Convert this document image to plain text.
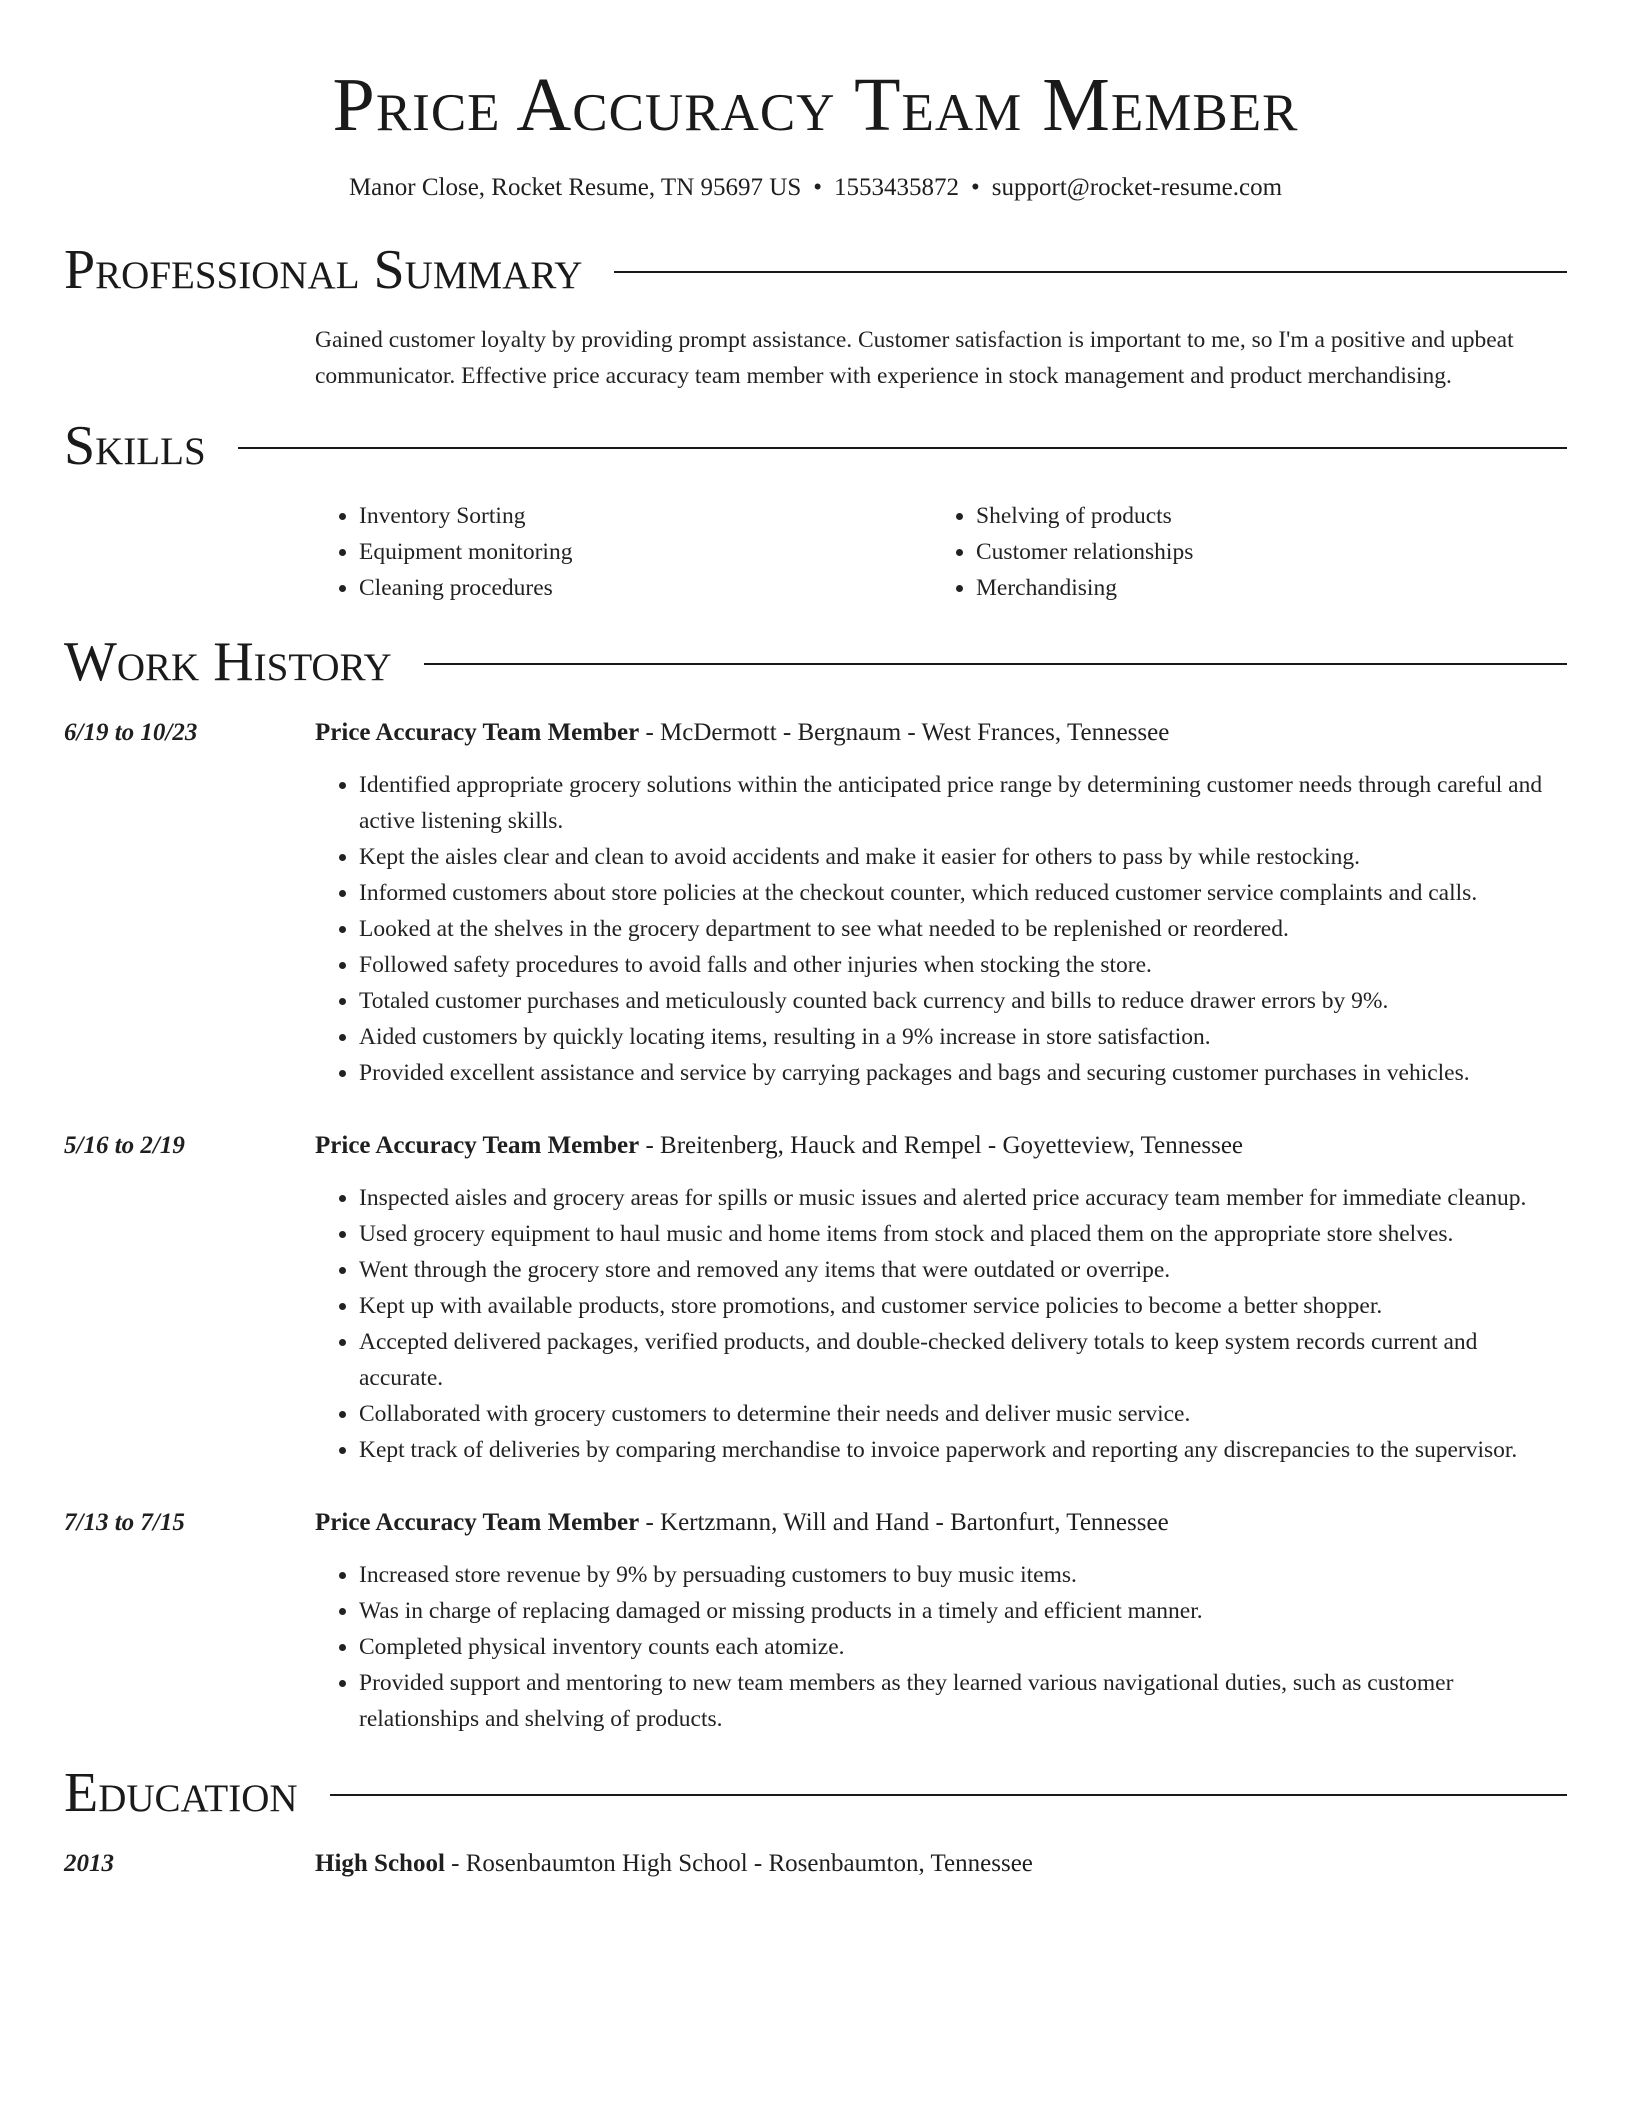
Price Accuracy Team Member
Manor Close, Rocket Resume, TN 95697 US • 1553435872 • support@rocket-resume.com
Professional Summary
Gained customer loyalty by providing prompt assistance. Customer satisfaction is important to me, so I'm a positive and upbeat communicator. Effective price accuracy team member with experience in stock management and product merchandising.
Skills
• Inventory Sorting
• Equipment monitoring
• Cleaning procedures
• Shelving of products
• Customer relationships
• Merchandising
Work History
6/19 to 10/23	Price Accuracy Team Member - McDermott - Bergnaum - West Frances, Tennessee
• Identified appropriate grocery solutions within the anticipated price range by determining customer needs through careful and active listening skills.
• Kept the aisles clear and clean to avoid accidents and make it easier for others to pass by while restocking.
• Informed customers about store policies at the checkout counter, which reduced customer service complaints and calls.
• Looked at the shelves in the grocery department to see what needed to be replenished or reordered.
• Followed safety procedures to avoid falls and other injuries when stocking the store.
• Totaled customer purchases and meticulously counted back currency and bills to reduce drawer errors by 9%.
• Aided customers by quickly locating items, resulting in a 9% increase in store satisfaction.
• Provided excellent assistance and service by carrying packages and bags and securing customer purchases in vehicles.
5/16 to 2/19	Price Accuracy Team Member - Breitenberg, Hauck and Rempel - Goyetteview, Tennessee
• Inspected aisles and grocery areas for spills or music issues and alerted price accuracy team member for immediate cleanup.
• Used grocery equipment to haul music and home items from stock and placed them on the appropriate store shelves.
• Went through the grocery store and removed any items that were outdated or overripe.
• Kept up with available products, store promotions, and customer service policies to become a better shopper.
• Accepted delivered packages, verified products, and double-checked delivery totals to keep system records current and accurate.
• Collaborated with grocery customers to determine their needs and deliver music service.
• Kept track of deliveries by comparing merchandise to invoice paperwork and reporting any discrepancies to the supervisor.
7/13 to 7/15	Price Accuracy Team Member - Kertzmann, Will and Hand - Bartonfurt, Tennessee
• Increased store revenue by 9% by persuading customers to buy music items.
• Was in charge of replacing damaged or missing products in a timely and efficient manner.
• Completed physical inventory counts each atomize.
• Provided support and mentoring to new team members as they learned various navigational duties, such as customer relationships and shelving of products.
Education
2013	High School - Rosenbaumton High School - Rosenbaumton, Tennessee
